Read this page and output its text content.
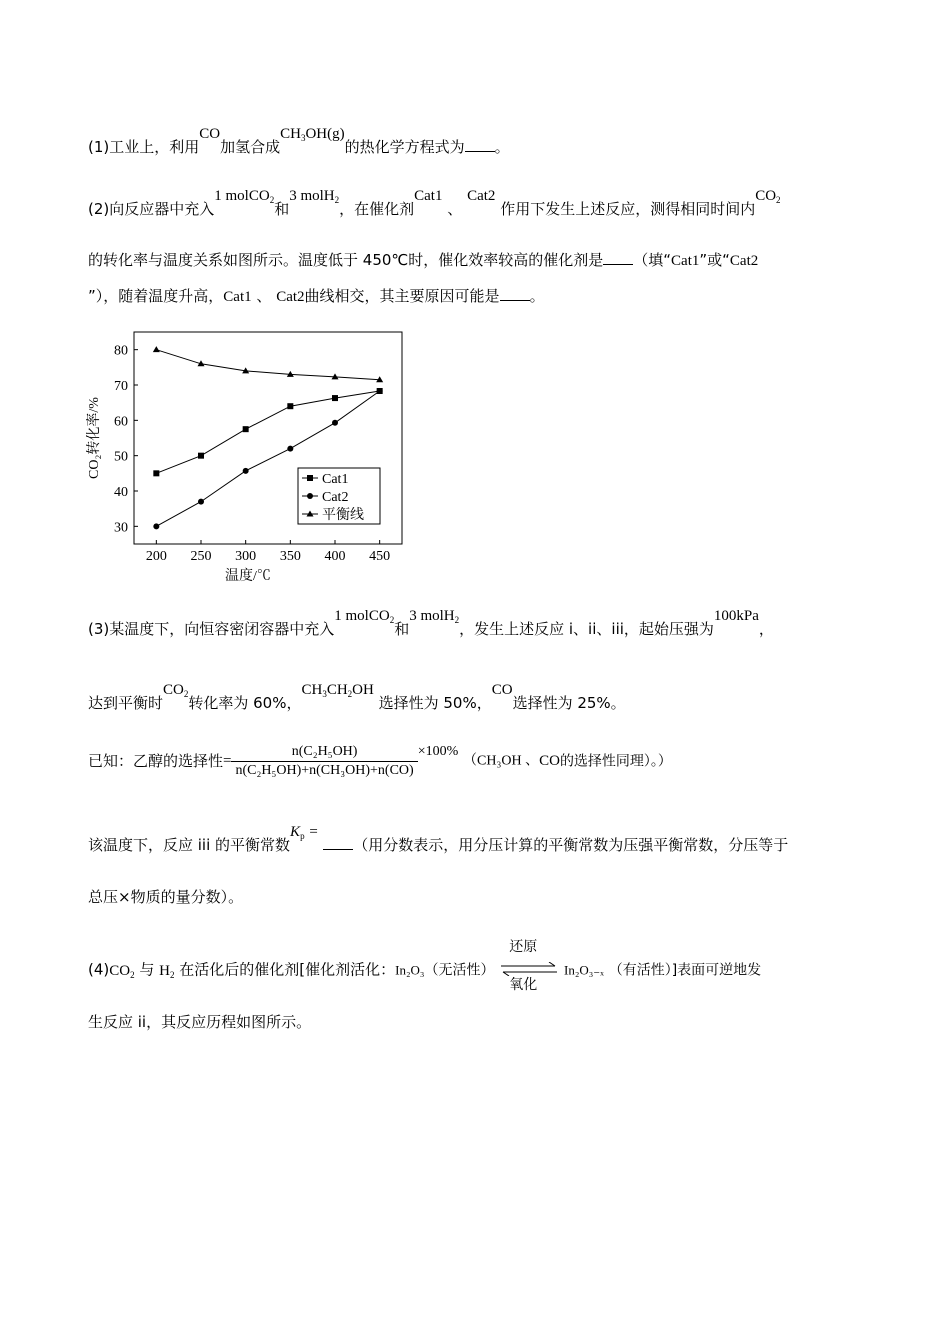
(1)工业上，利用CO加氢合成$CH_3OH(g)$的热化学方程式为 。
(2)向反应器中充入1 molCO$_2$和3 molH$_2$，在催化剂Cat1 、 Cat2 作用下发生上述反应，测得相同时间内$CO_2$
的转化率与温度关系如图所示。温度低于 450℃时，催化效率较高的催化剂是 （填“Cat1”或“Cat2
”），随着温度升高，Cat1 、 Cat2曲线相交，其主要原因可能是 。
200 250 300 350 400 450
30
40
50
60
70
80
温度/℃
CO₂转化率/%
Cat1
Cat2
平衡线
(3)某温度下，向恒容密闭容器中充入1 molCO$_2$和3 molH$_2$，发生上述反应 i、ii、iii，起始压强为100kPa，
达到平衡时$CO_2$转化率为 60%，$CH_3CH_2OH$ 选择性为 50%，CO选择性为 25%。
已知：乙醇的选择性= $\frac{\text{n(C₂H₅OH)}}{\text{n(C₂H₅OH)+n(CH₃OH)+n(CO)}} \times 100\%$ （CH₃OH 、CO的选择性同理）。）
该温度下，反应 iii 的平衡常数$K_p$ = （用分数表示，用分压计算的平衡常数为压强平衡常数，分压等于
总压×物质的量分数）。
$(4)CO_2$ 与 $H_2$ 在活化后的催化剂[催化剂活化：In₂O₃（无活性）
还原
氧化
In₂O₃₋ₓ （有活性）]表面可逆地发
生反应 ii，其反应历程如图所示。
